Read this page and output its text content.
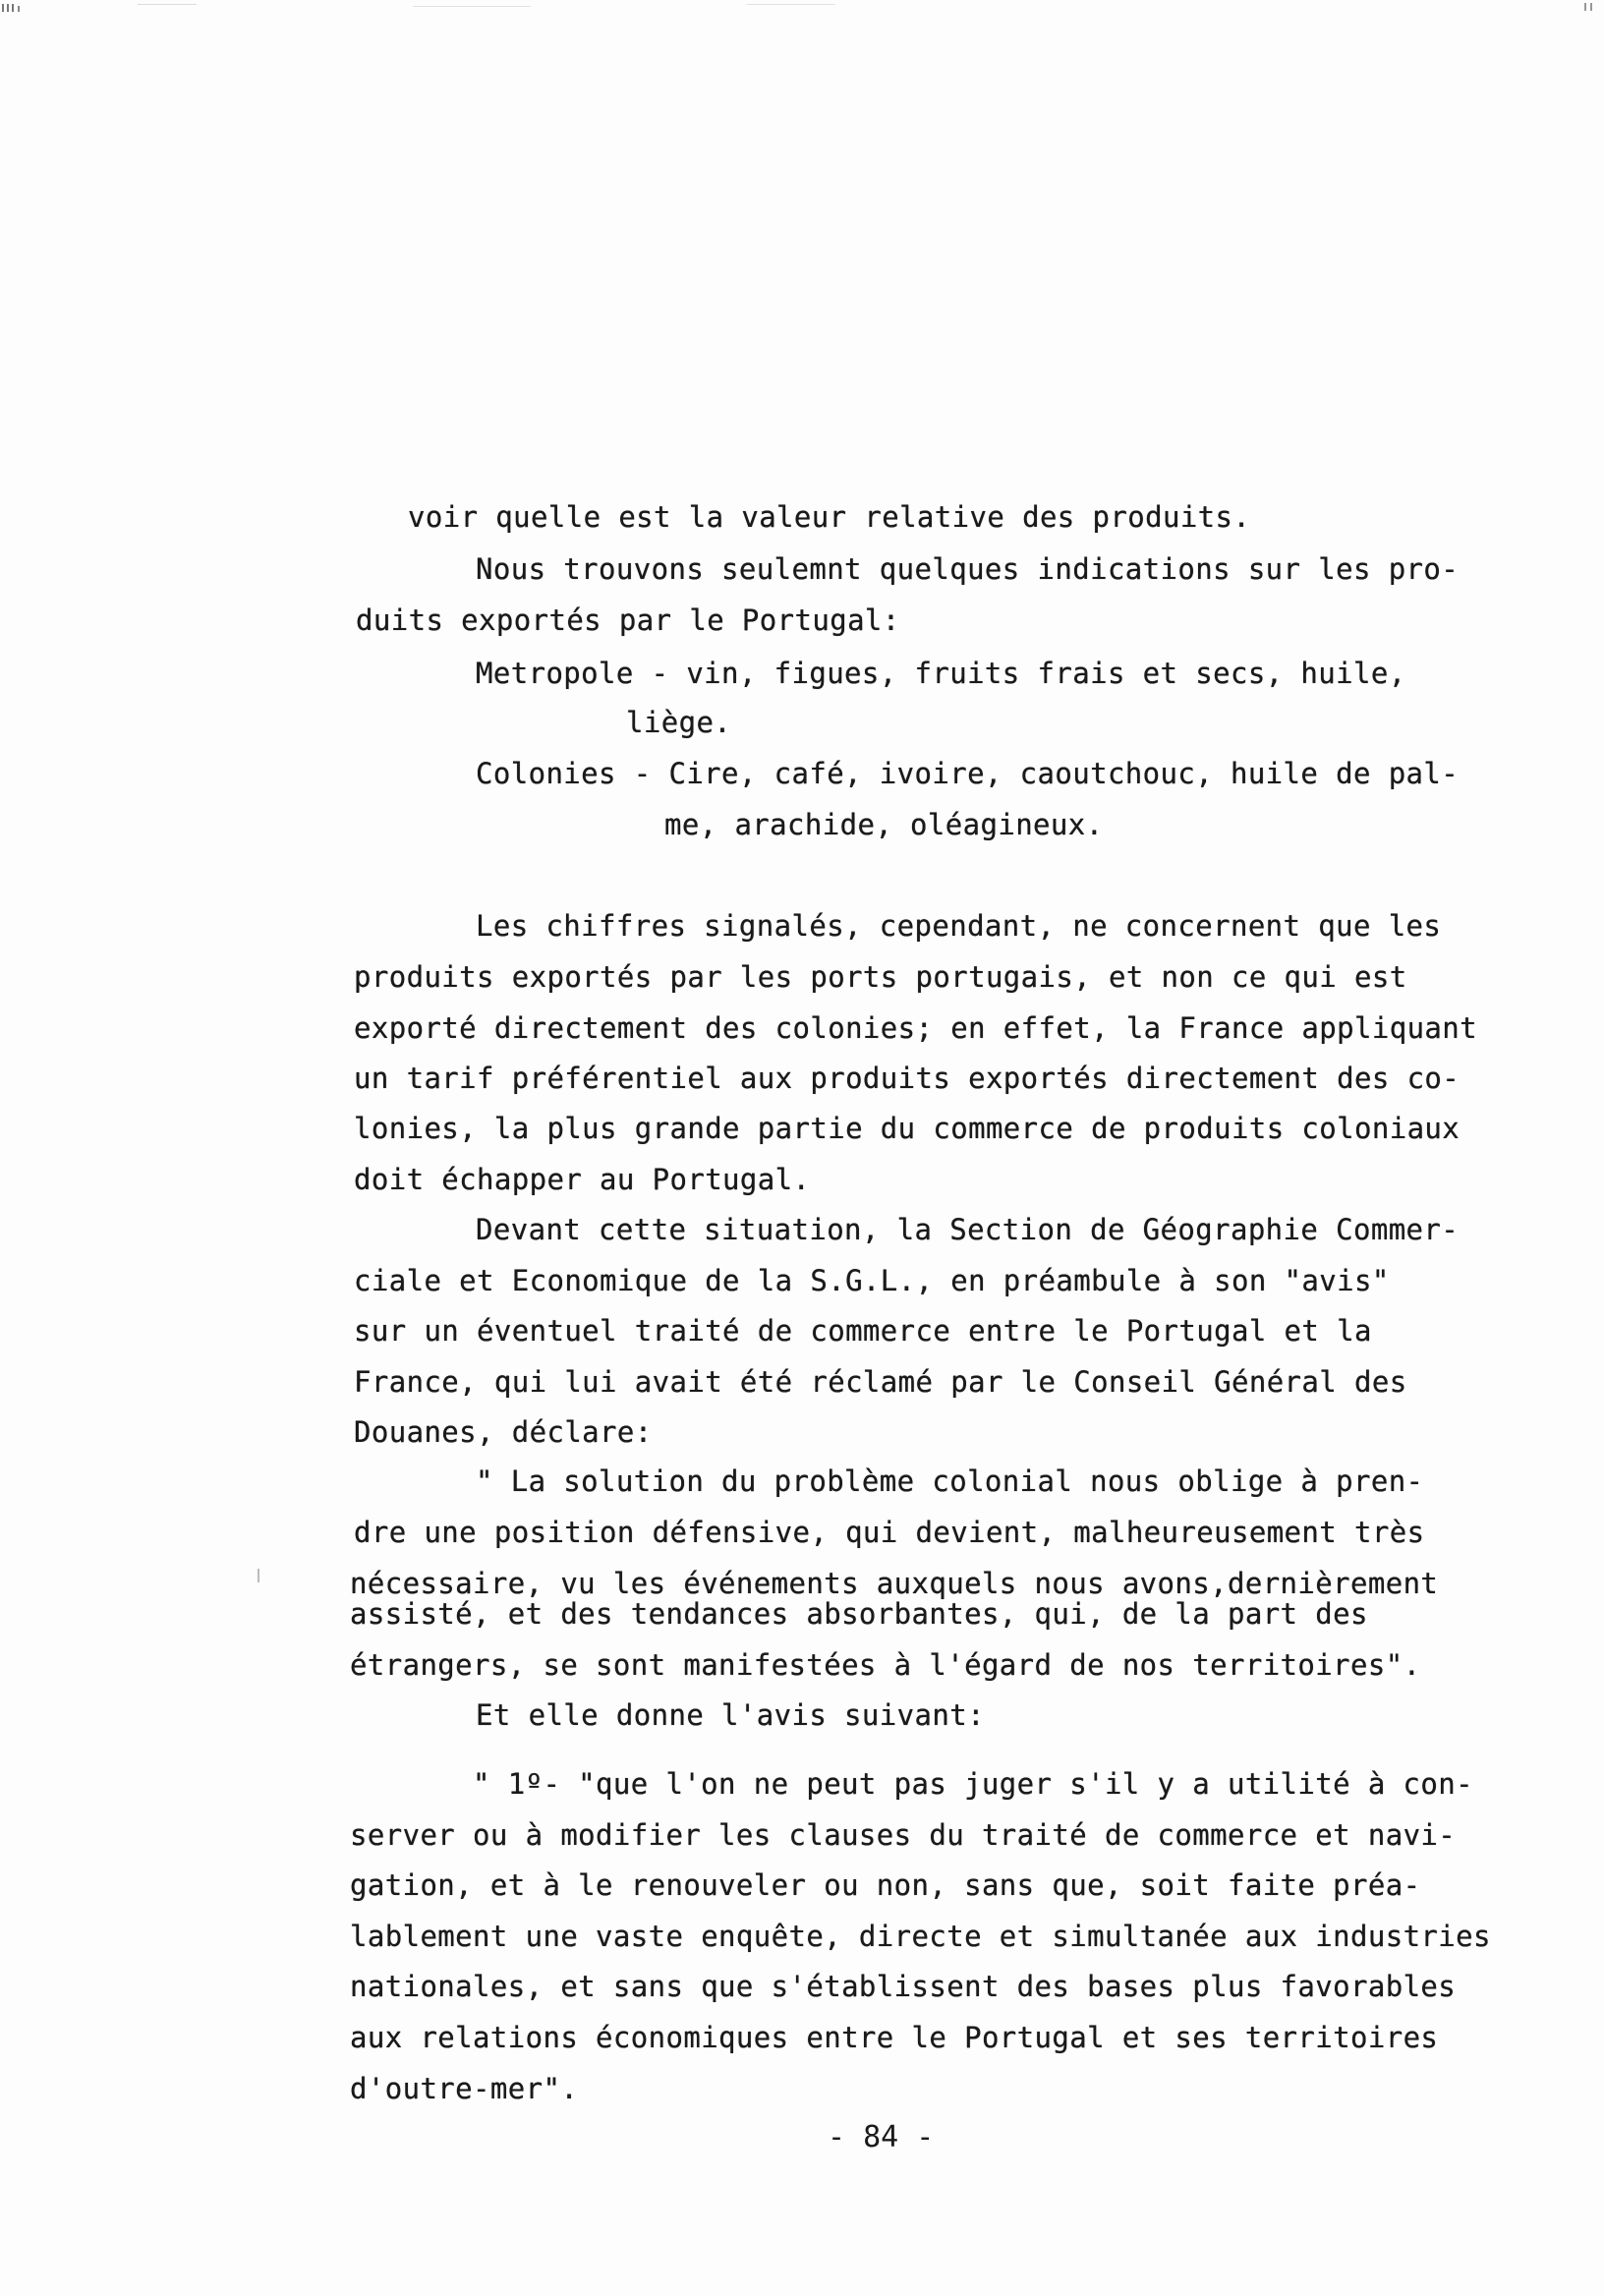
voir quelle est la valeur relative des produits.
Nous trouvons seulemnt quelques indications sur les pro-
duits exportés par le Portugal:
Metropole - vin, figues, fruits frais et secs, huile,
liège.
Colonies - Cire, café, ivoire, caoutchouc, huile de pal-
me, arachide, oléagineux.
Les chiffres signalés, cependant, ne concernent que les
produits exportés par les ports portugais, et non ce qui est
exporté directement des colonies; en effet, la France appliquant
un tarif préférentiel aux produits exportés directement des co-
lonies, la plus grande partie du commerce de produits coloniaux
doit échapper au Portugal.
Devant cette situation, la Section de Géographie Commer-
ciale et Economique de la S.G.L., en préambule à son "avis"
sur un éventuel traité de commerce entre le Portugal et la
France, qui lui avait été réclamé par le Conseil Général des
Douanes, déclare:
" La solution du problème colonial nous oblige à pren-
dre une position défensive, qui devient, malheureusement très
nécessaire, vu les événements auxquels nous avons,dernièrement
assisté, et des tendances absorbantes, qui, de la part des
étrangers, se sont manifestées à l'égard de nos territoires".
Et elle donne l'avis suivant:
" 1º- "que l'on ne peut pas juger s'il y a utilité à con-
server ou à modifier les clauses du traité de commerce et navi-
gation, et à le renouveler ou non, sans que, soit faite préa-
lablement une vaste enquête, directe et simultanée aux industries
nationales, et sans que s'établissent des bases plus favorables
aux relations économiques entre le Portugal et ses territoires
d'outre-mer".
- 84 -
